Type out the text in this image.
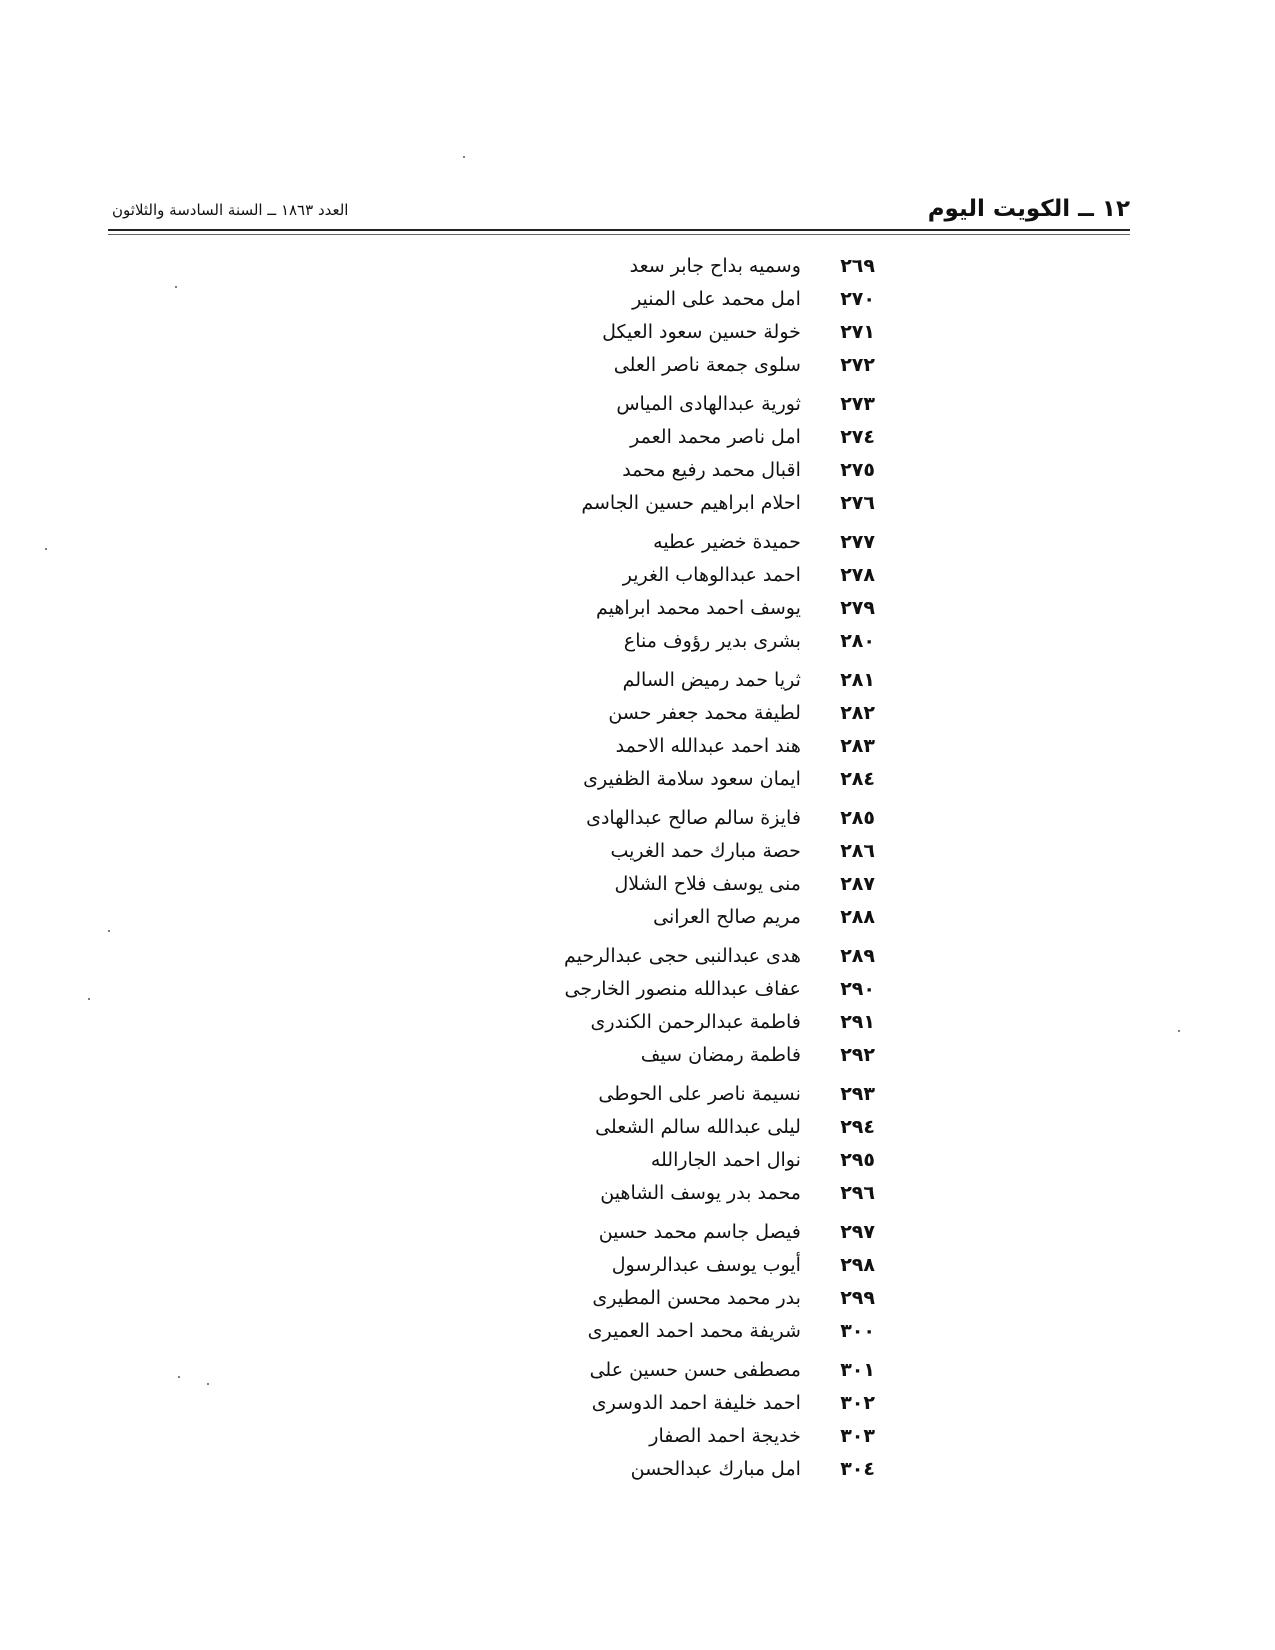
١٢ ــ الكويت اليوم
العدد ١٨٦٣ ــ السنة السادسة والثلاثون
٢٦٩  وسميه بداح جابر سعد
٢٧٠  امل محمد على المنير
٢٧١  خولة حسين سعود العيكل
٢٧٢  سلوى جمعة ناصر العلى
٢٧٣  ثورية عبدالهادى المياس
٢٧٤  امل ناصر محمد العمر
٢٧٥  اقبال محمد رفيع محمد
٢٧٦  احلام ابراهيم حسين الجاسم
٢٧٧  حميدة خضير عطيه
٢٧٨  احمد عبدالوهاب الغرير
٢٧٩  يوسف احمد محمد ابراهيم
٢٨٠  بشرى بدير رؤوف مناع
٢٨١  ثريا حمد رميض السالم
٢٨٢  لطيفة محمد جعفر حسن
٢٨٣  هند احمد عبدالله الاحمد
٢٨٤  ايمان سعود سلامة الظفيرى
٢٨٥  فايزة سالم صالح عبدالهادى
٢٨٦  حصة مبارك حمد الغريب
٢٨٧  منى يوسف فلاح الشلال
٢٨٨  مريم صالح العرانى
٢٨٩  هدى عبدالنبى حجى عبدالرحيم
٢٩٠  عفاف عبدالله منصور الخارجى
٢٩١  فاطمة عبدالرحمن الكندرى
٢٩٢  فاطمة رمضان سيف
٢٩٣  نسيمة ناصر على الحوطى
٢٩٤  ليلى عبدالله سالم الشعلى
٢٩٥  نوال احمد الجارالله
٢٩٦  محمد بدر يوسف الشاهين
٢٩٧  فيصل جاسم محمد حسين
٢٩٨  أيوب يوسف عبدالرسول
٢٩٩  بدر محمد محسن المطيرى
٣٠٠  شريفة محمد احمد العميرى
٣٠١  مصطفى حسن حسين على
٣٠٢  احمد خليفة احمد الدوسرى
٣٠٣  خديجة احمد الصفار
٣٠٤  امل مبارك عبدالحسن
